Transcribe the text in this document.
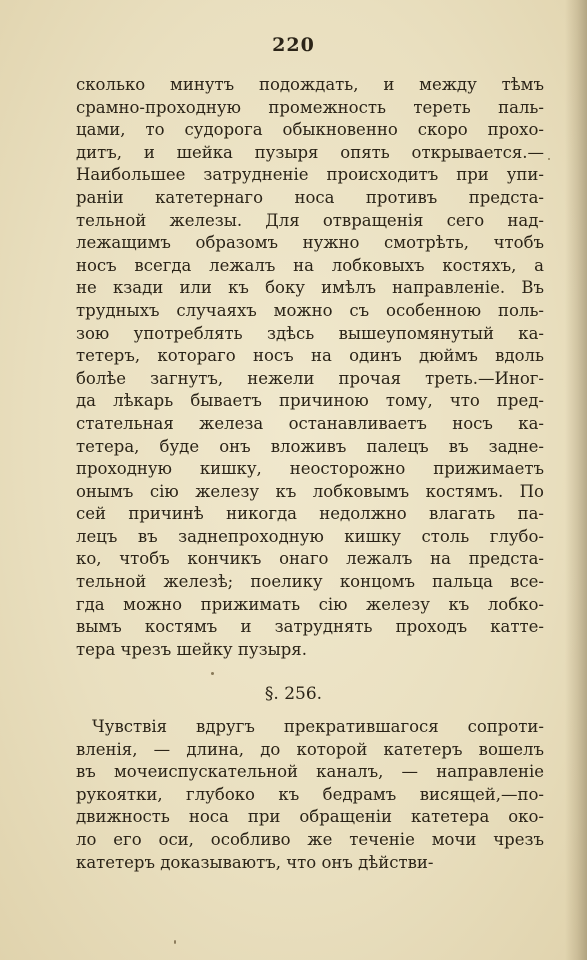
220
сколько минутъ подождать, и между тѣмъ
срамно-проходную промежность тереть паль-
цами, то судорога обыкновенно скоро прохо-
дитъ, и шейка пузыря опять открывается.—
Наибольшее затрудненіе происходитъ при упи-
раніи катетернаго носа противъ предста-
тельной железы. Для отвращенія сего над-
лежащимъ образомъ нужно смотрѣть, чтобъ
носъ всегда лежалъ на лобковыхъ костяхъ, а
не кзади или къ боку имѣлъ направленіе. Въ
трудныхъ случаяхъ можно съ особенною поль-
зою употреблять здѣсь вышеупомянутый ка-
тетеръ, котораго носъ на одинъ дюймъ вдоль
болѣе загнутъ, нежели прочая треть.—Иног-
да лѣкарь бываетъ причиною тому, что пред-
стательная железа останавливаетъ носъ ка-
тетера, буде онъ вложивъ палецъ въ задне-
проходную кишку, неосторожно прижимаетъ
онымъ сію железу къ лобковымъ костямъ. По
сей причинѣ никогда недолжно влагать па-
лецъ въ заднепроходную кишку столь глубо-
ко, чтобъ кончикъ онаго лежалъ на предста-
тельной железѣ; поелику концомъ пальца все-
гда можно прижимать сію железу къ лобко-
вымъ костямъ и затруднять проходъ катте-
тера чрезъ шейку пузыря.
§. 256.
Чувствія вдругъ прекратившагося сопроти-
вленія, — длина, до которой катетеръ вошелъ
въ мочеиспускательной каналъ, — направленіе
рукоятки, глубоко къ бедрамъ висящей,—по-
движность носа при обращеніи катетера око-
ло его оси, особливо же теченіе мочи чрезъ
катетеръ доказываютъ, что онъ дѣйстви-
